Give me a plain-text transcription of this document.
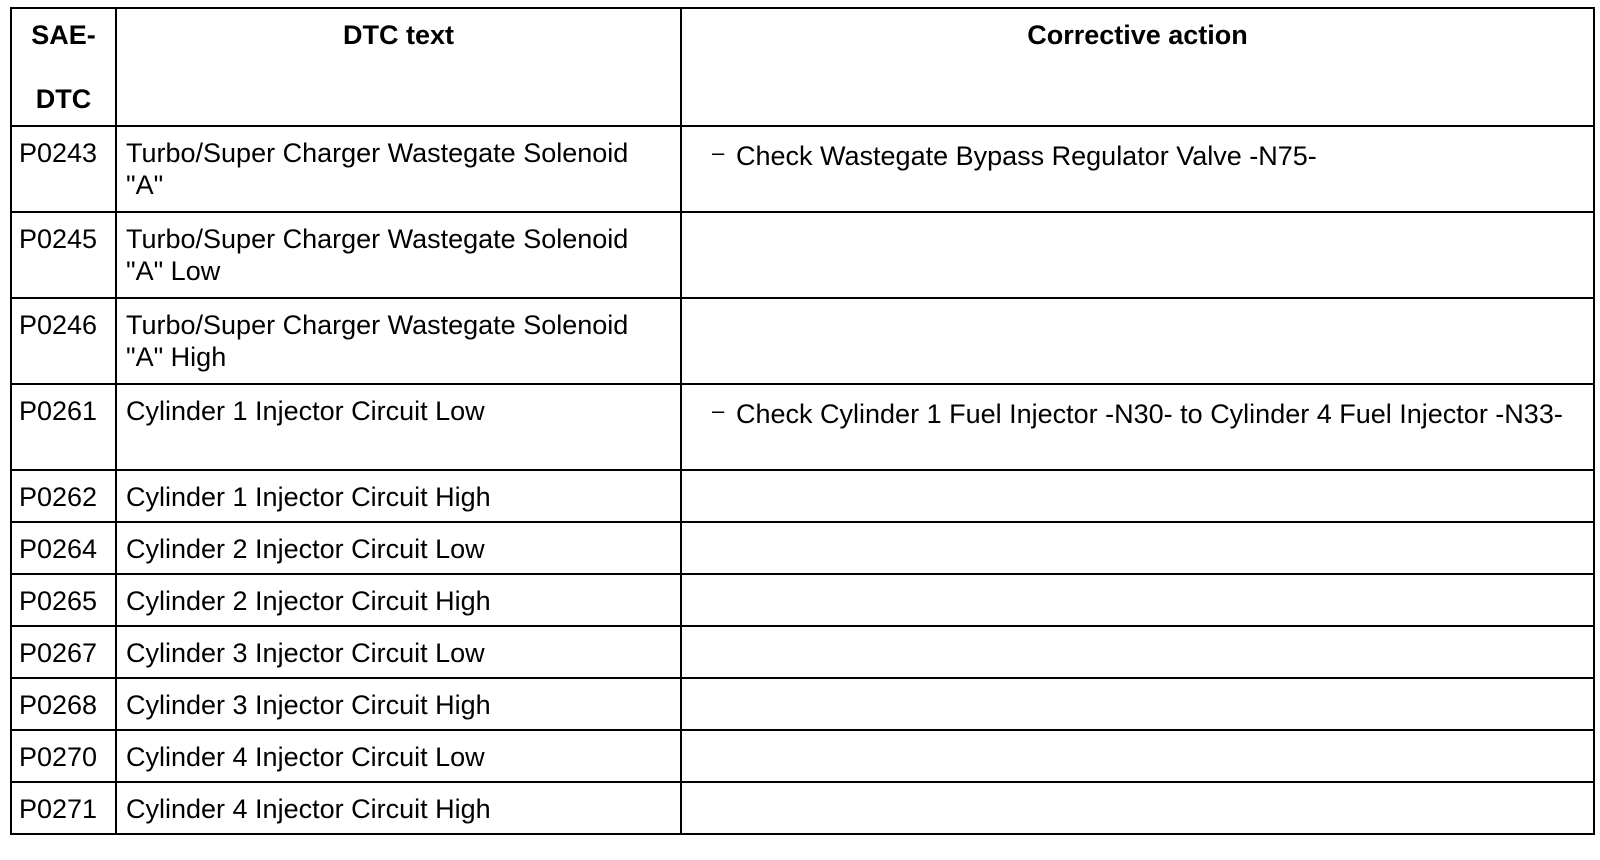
SAE-
DTC	DTC text	Corrective action
P0243	Turbo/Super Charger Wastegate Solenoid "A"	– Check Wastegate Bypass Regulator Valve -N75-

P0245	Turbo/Super Charger Wastegate Solenoid "A" Low	
P0246	Turbo/Super Charger Wastegate Solenoid "A" High	
P0261	Cylinder 1 Injector Circuit Low	– Check Cylinder 1 Fuel Injector -N30- to Cylinder 4 Fuel Injector -N33-

P0262	Cylinder 1 Injector Circuit High	
P0264	Cylinder 2 Injector Circuit Low	
P0265	Cylinder 2 Injector Circuit High	
P0267	Cylinder 3 Injector Circuit Low	
P0268	Cylinder 3 Injector Circuit High	
P0270	Cylinder 4 Injector Circuit Low	
P0271	Cylinder 4 Injector Circuit High	
